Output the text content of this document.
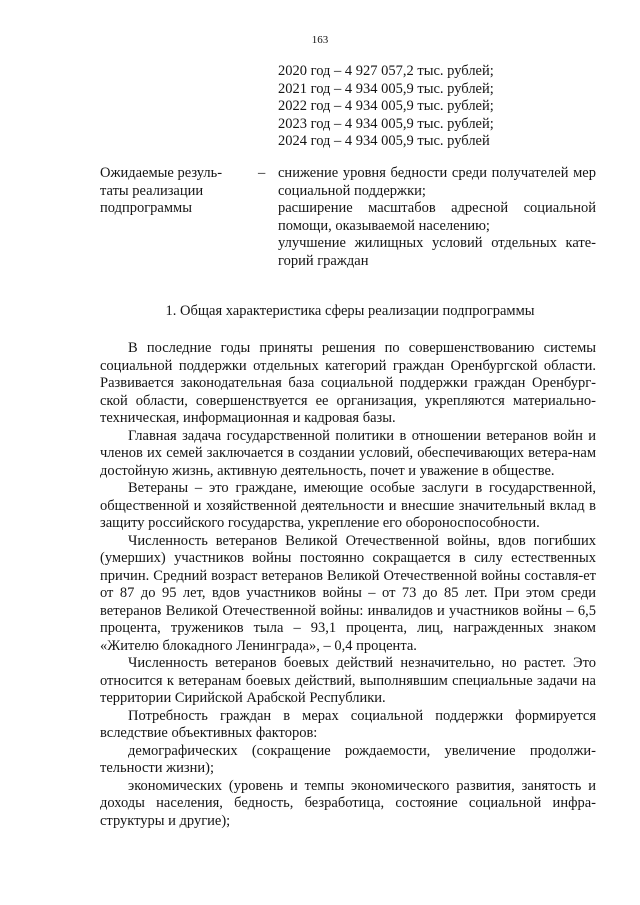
163
2020 год – 4 927 057,2 тыс. рублей;
2021 год – 4 934 005,9 тыс. рублей;
2022 год – 4 934 005,9 тыс. рублей;
2023 год – 4 934 005,9 тыс. рублей;
2024 год – 4 934 005,9 тыс. рублей
Ожидаемые резуль-таты реализации подпрограммы
– снижение уровня бедности среди получателей мер социальной поддержки;
расширение масштабов адресной социальной помощи, оказываемой населению;
улучшение жилищных условий отдельных кате-горий граждан
1. Общая характеристика сферы реализации подпрограммы

В последние годы приняты решения по совершенствованию системы социальной поддержки отдельных категорий граждан Оренбургской области. Развивается законодательная база социальной поддержки граждан Оренбург-ской области, совершенствуется ее организация, укрепляются материально-техническая, информационная и кадровая базы.

Главная задача государственной политики в отношении ветеранов войн и членов их семей заключается в создании условий, обеспечивающих ветера-нам достойную жизнь, активную деятельность, почет и уважение в обществе.

Ветераны – это граждане, имеющие особые заслуги в государственной, общественной и хозяйственной деятельности и внесшие значительный вклад в защиту российского государства, укрепление его обороноспособности.

Численность ветеранов Великой Отечественной войны, вдов погибших (умерших) участников войны постоянно сокращается в силу естественных причин. Средний возраст ветеранов Великой Отечественной войны составля-ет от 87 до 95 лет, вдов участников войны – от 73 до 85 лет. При этом среди ветеранов Великой Отечественной войны: инвалидов и участников войны – 6,5 процента, тружеников тыла – 93,1 процента, лиц, награжденных знаком «Жителю блокадного Ленинграда», – 0,4 процента.

Численность ветеранов боевых действий незначительно, но растет. Это относится к ветеранам боевых действий, выполнявшим специальные задачи на территории Сирийской Арабской Республики.

Потребность граждан в мерах социальной поддержки формируется вследствие объективных факторов:

демографических (сокращение рождаемости, увеличение продолжи-тельности жизни);

экономических (уровень и темпы экономического развития, занятость и доходы населения, бедность, безработица, состояние социальной инфра-структуры и другие);
